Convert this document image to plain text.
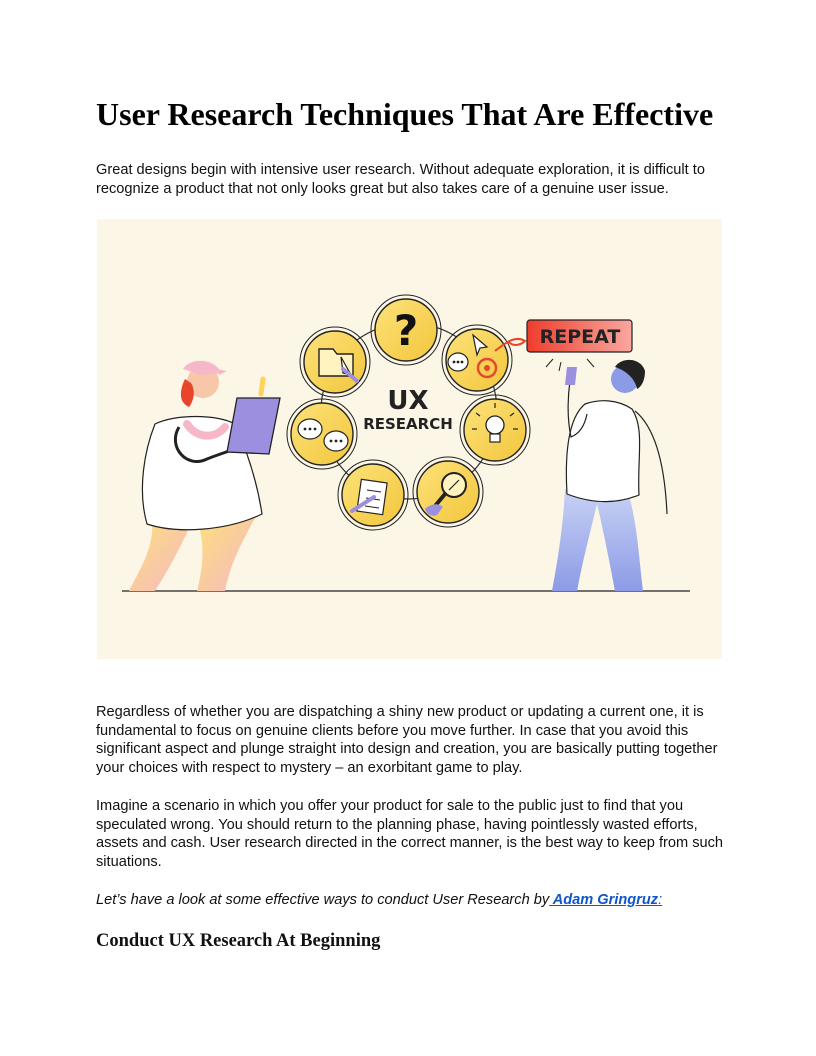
User Research Techniques That Are Effective

Great designs begin with intensive user research. Without adequate exploration, it is difficult to recognize a product that not only looks great but also takes care of a genuine user issue.

?
UX
RESEARCH
REPEAT

Regardless of whether you are dispatching a shiny new product or updating a current one, it is fundamental to focus on genuine clients before you move further. In case that you avoid this significant aspect and plunge straight into design and creation, you are basically putting together your choices with respect to mystery – an exorbitant game to play.

Imagine a scenario in which you offer your product for sale to the public just to find that you speculated wrong. You should return to the planning phase, having pointlessly wasted efforts, assets and cash. User research directed in the correct manner, is the best way to keep from such situations.

Let’s have a look at some effective ways to conduct User Research by Adam Gringruz:

Conduct UX Research At Beginning
